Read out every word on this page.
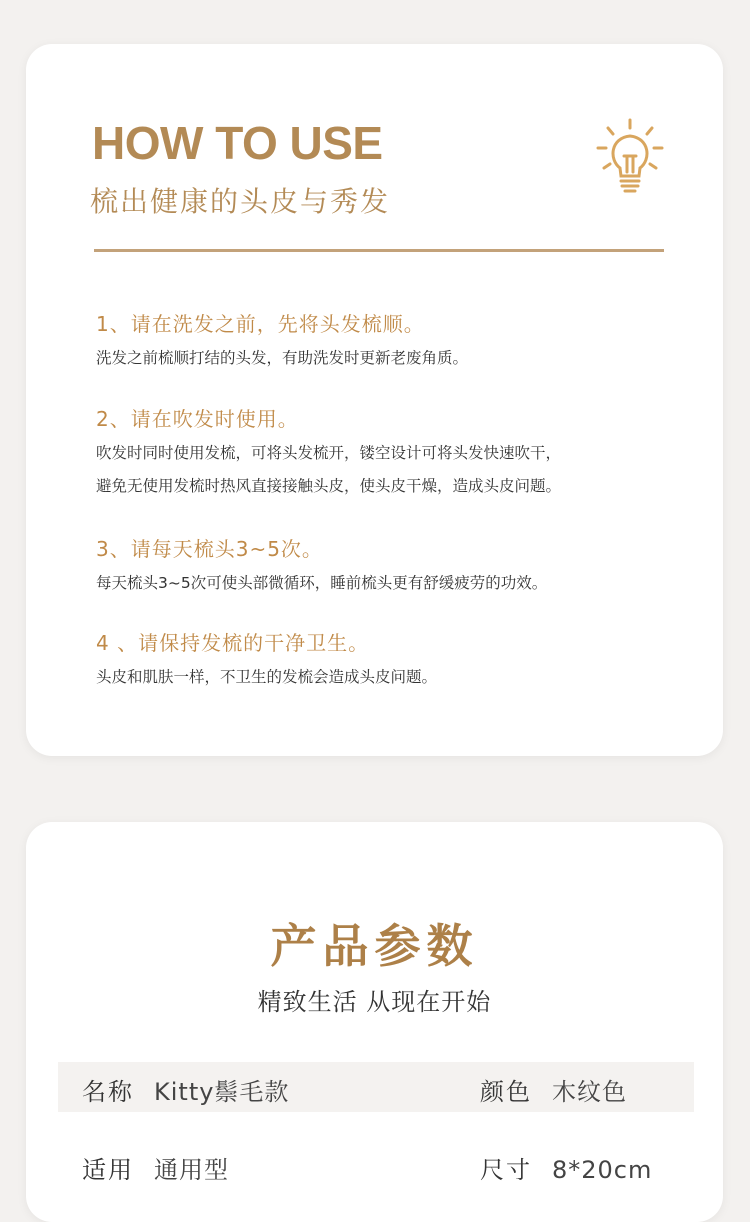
HOW TO USE
梳出健康的头皮与秀发
1、请在洗发之前，先将头发梳顺。
洗发之前梳顺打结的头发，有助洗发时更新老废角质。
2、请在吹发时使用。
吹发时同时使用发梳，可将头发梳开，镂空设计可将头发快速吹干，
避免无使用发梳时热风直接接触头皮，使头皮干燥，造成头皮问题。
3、请每天梳头3~5次。
每天梳头3~5次可使头部微循环，睡前梳头更有舒缓疲劳的功效。
4 、请保持发梳的干净卫生。
头皮和肌肤一样，不卫生的发梳会造成头皮问题。
产品参数
精致生活 从现在开始
名称 Kitty鬃毛款	颜色 木纹色
适用 通用型	尺寸 8*20cm
